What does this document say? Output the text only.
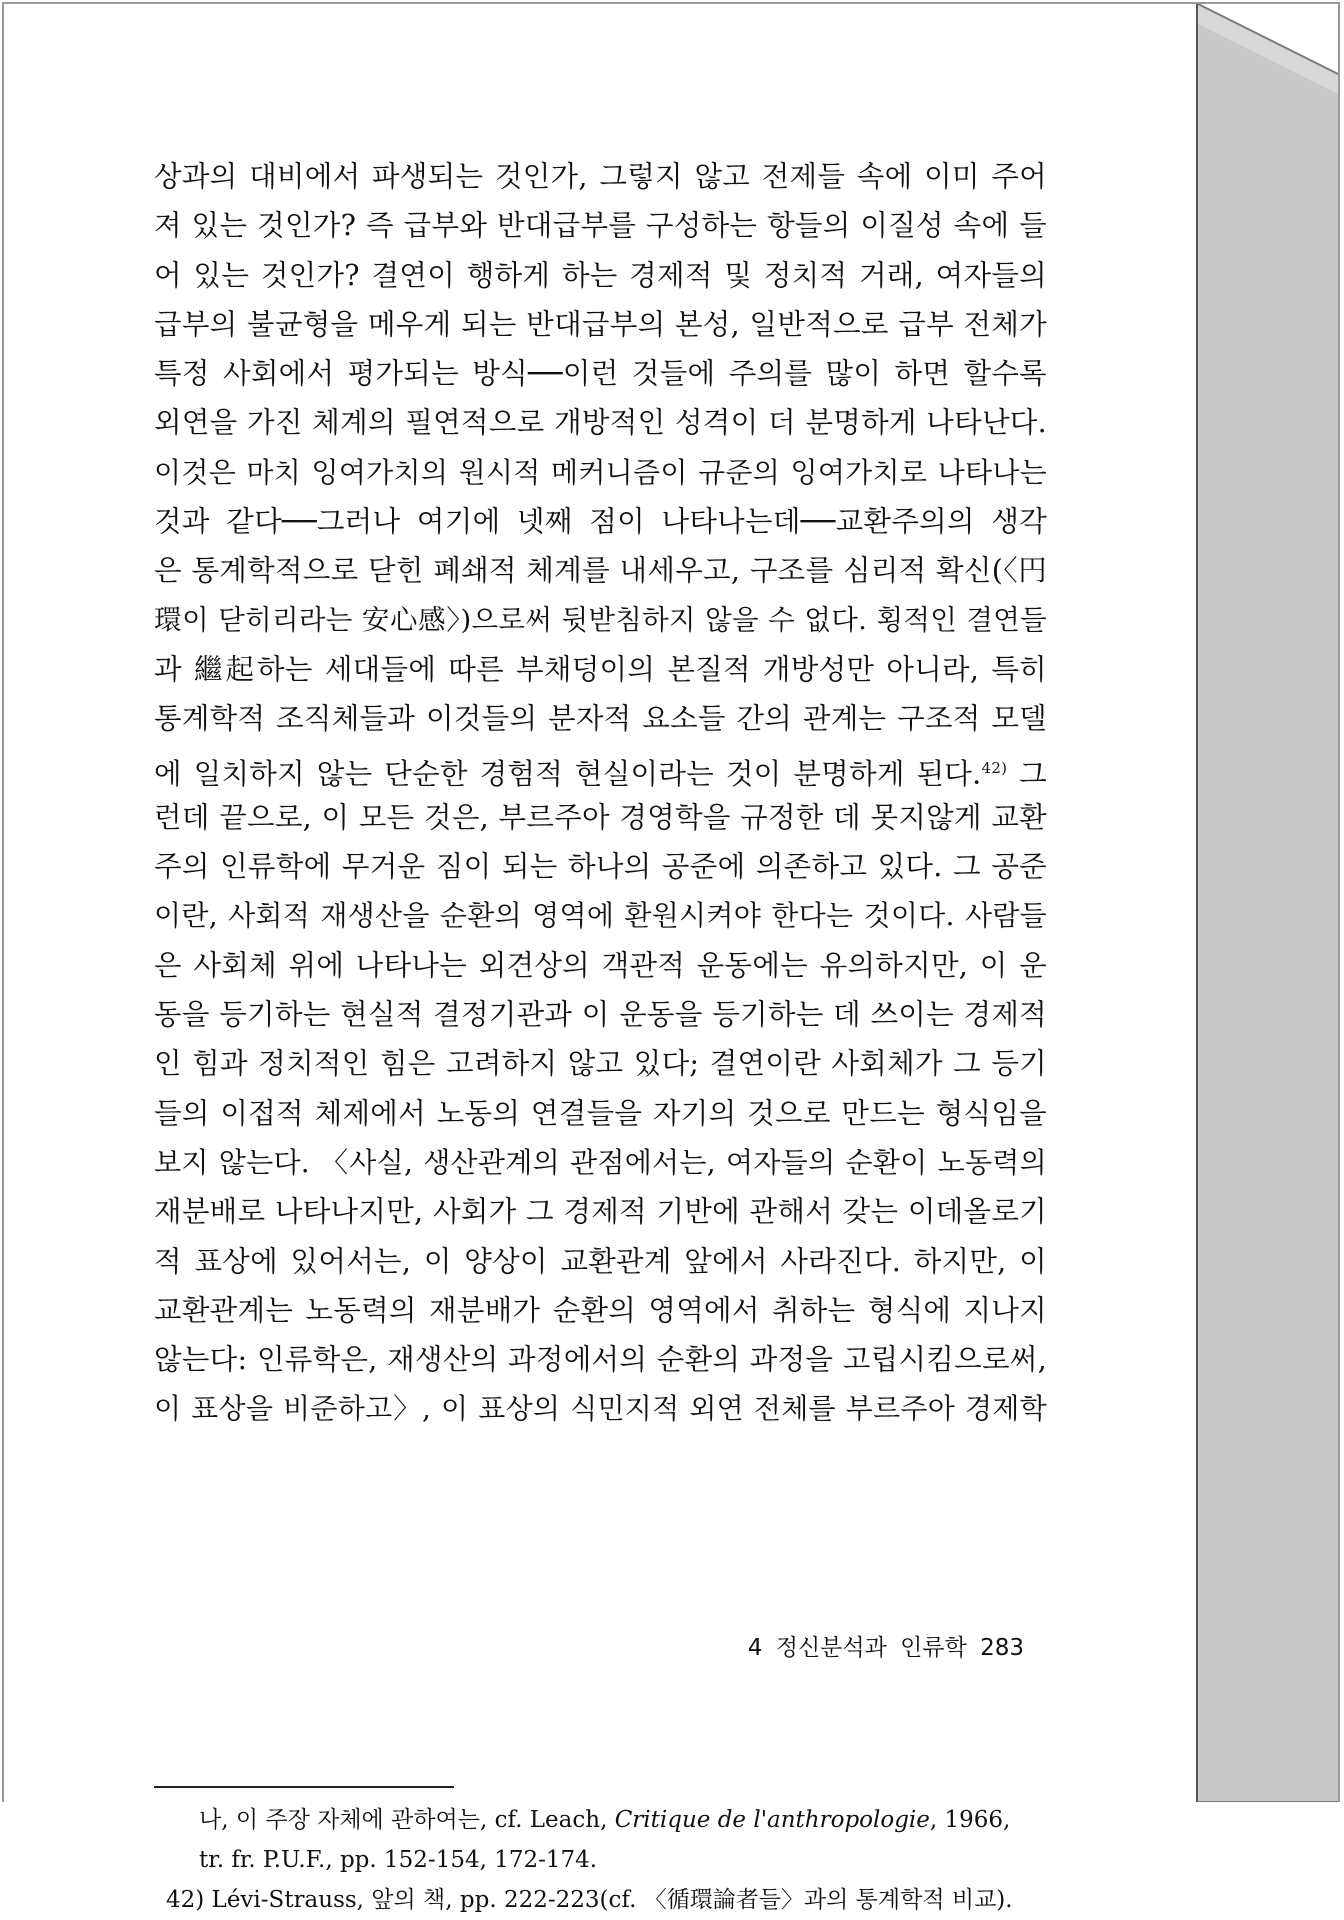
상과의 대비에서 파생되는 것인가, 그렇지 않고 전제들 속에 이미 주어
져 있는 것인가? 즉 급부와 반대급부를 구성하는 항들의 이질성 속에 들
어 있는 것인가? 결연이 행하게 하는 경제적 및 정치적 거래, 여자들의
급부의 불균형을 메우게 되는 반대급부의 본성, 일반적으로 급부 전체가
특정 사회에서 평가되는 방식──이런 것들에 주의를 많이 하면 할수록
외연을 가진 체계의 필연적으로 개방적인 성격이 더 분명하게 나타난다.
이것은 마치 잉여가치의 원시적 메커니즘이 규준의 잉여가치로 나타나는
것과 같다──그러나 여기에 넷째 점이 나타나는데──교환주의의 생각
은 통계학적으로 닫힌 폐쇄적 체계를 내세우고, 구조를 심리적 확신(〈円
環이 닫히리라는 安心感〉)으로써 뒷받침하지 않을 수 없다. 횡적인 결연들
과 繼起하는 세대들에 따른 부채덩이의 본질적 개방성만 아니라, 특히
통계학적 조직체들과 이것들의 분자적 요소들 간의 관계는 구조적 모델
에 일치하지 않는 단순한 경험적 현실이라는 것이 분명하게 된다.$^{42)}$ 그
런데 끝으로, 이 모든 것은, 부르주아 경영학을 규정한 데 못지않게 교환
주의 인류학에 무거운 짐이 되는 하나의 공준에 의존하고 있다. 그 공준
이란, 사회적 재생산을 순환의 영역에 환원시켜야 한다는 것이다. 사람들
은 사회체 위에 나타나는 외견상의 객관적 운동에는 유의하지만, 이 운
동을 등기하는 현실적 결정기관과 이 운동을 등기하는 데 쓰이는 경제적
인 힘과 정치적인 힘은 고려하지 않고 있다; 결연이란 사회체가 그 등기
들의 이접적 체제에서 노동의 연결들을 자기의 것으로 만드는 형식임을
보지 않는다. 〈사실, 생산관계의 관점에서는, 여자들의 순환이 노동력의
재분배로 나타나지만, 사회가 그 경제적 기반에 관해서 갖는 이데올로기
적 표상에 있어서는, 이 양상이 교환관계 앞에서 사라진다. 하지만, 이
교환관계는 노동력의 재분배가 순환의 영역에서 취하는 형식에 지나지
않는다: 인류학은, 재생산의 과정에서의 순환의 과정을 고립시킴으로써,
이 표상을 비준하고〉, 이 표상의 식민지적 외연 전체를 부르주아 경제학
나, 이 주장 자체에 관하여는, cf. Leach, Critique de l'anthropologie, 1966,
tr. fr. P.U.F., pp. 152-154, 172-174.
42) Lévi-Strauss, 앞의 책, pp. 222-223(cf. 〈循環論者들〉과의 통계학적 비교).
4 정신분석과 인류학 283
